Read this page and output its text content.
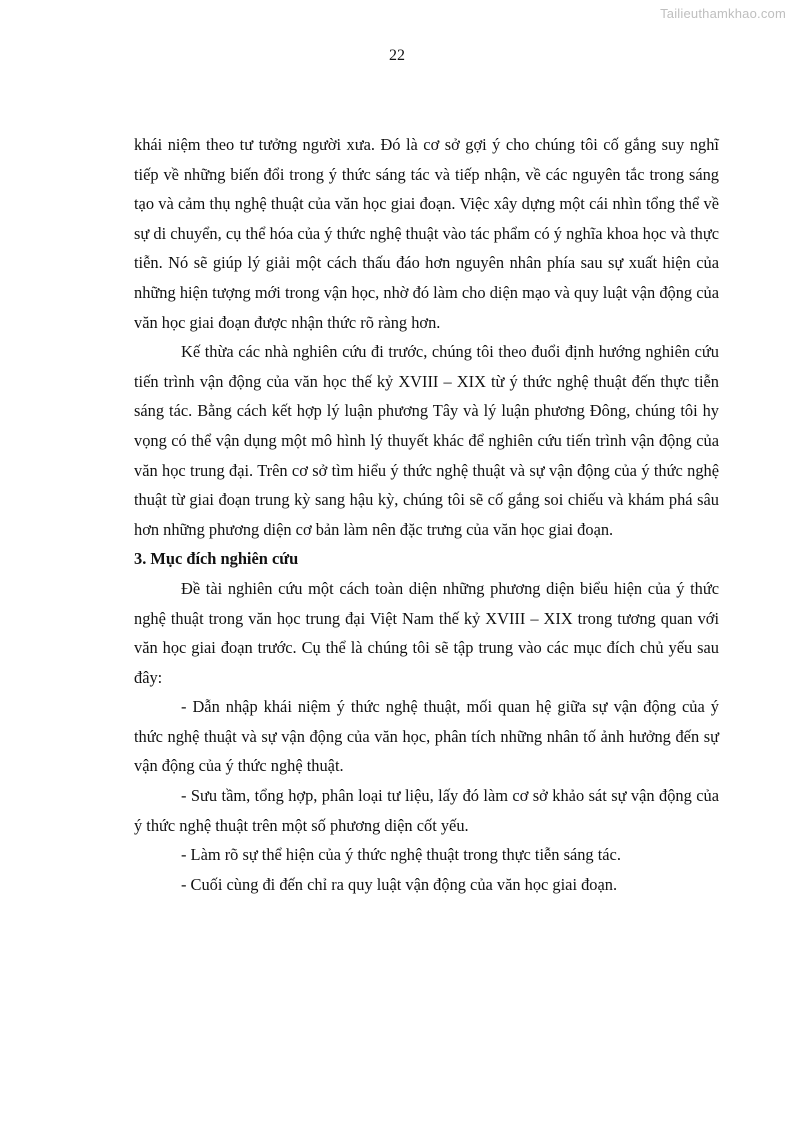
Tailieuthamkhao.com
22

khái niệm theo tư tưởng người xưa. Đó là cơ sở gợi ý cho chúng tôi cố gắng suy nghĩ tiếp về những biến đổi trong ý thức sáng tác và tiếp nhận, về các nguyên tắc trong sáng tạo và cảm thụ nghệ thuật của văn học giai đoạn. Việc xây dựng một cái nhìn tổng thể về sự di chuyển, cụ thể hóa của ý thức nghệ thuật vào tác phẩm có ý nghĩa khoa học và thực tiễn. Nó sẽ giúp lý giải một cách thấu đáo hơn nguyên nhân phía sau sự xuất hiện của những hiện tượng mới trong vận học, nhờ đó làm cho diện mạo và quy luật vận động của văn học giai đoạn được nhận thức rõ ràng hơn.

Kế thừa các nhà nghiên cứu đi trước, chúng tôi theo đuổi định hướng nghiên cứu tiến trình vận động của văn học thế kỷ XVIII – XIX từ ý thức nghệ thuật đến thực tiễn sáng tác. Bằng cách kết hợp lý luận phương Tây và lý luận phương Đông, chúng tôi hy vọng có thể vận dụng một mô hình lý thuyết khác để nghiên cứu tiến trình vận động của văn học trung đại. Trên cơ sở tìm hiểu ý thức nghệ thuật và sự vận động của ý thức nghệ thuật từ giai đoạn trung kỳ sang hậu kỳ, chúng tôi sẽ cố gắng soi chiếu và khám phá sâu hơn những phương diện cơ bản làm nên đặc trưng của văn học giai đoạn.

3. Mục đích nghiên cứu

Đề tài nghiên cứu một cách toàn diện những phương diện biểu hiện của ý thức nghệ thuật trong văn học trung đại Việt Nam thế kỷ XVIII – XIX trong tương quan với văn học giai đoạn trước. Cụ thể là chúng tôi sẽ tập trung vào các mục đích chủ yếu sau đây:

- Dẫn nhập khái niệm ý thức nghệ thuật, mối quan hệ giữa sự vận động của ý thức nghệ thuật và sự vận động của văn học, phân tích những nhân tố ảnh hưởng đến sự vận động của ý thức nghệ thuật.

- Sưu tầm, tổng hợp, phân loại tư liệu, lấy đó làm cơ sở khảo sát sự vận động của ý thức nghệ thuật trên một số phương diện cốt yếu.

- Làm rõ sự thể hiện của ý thức nghệ thuật trong thực tiễn sáng tác.

- Cuối cùng đi đến chỉ ra quy luật vận động của văn học giai đoạn.
